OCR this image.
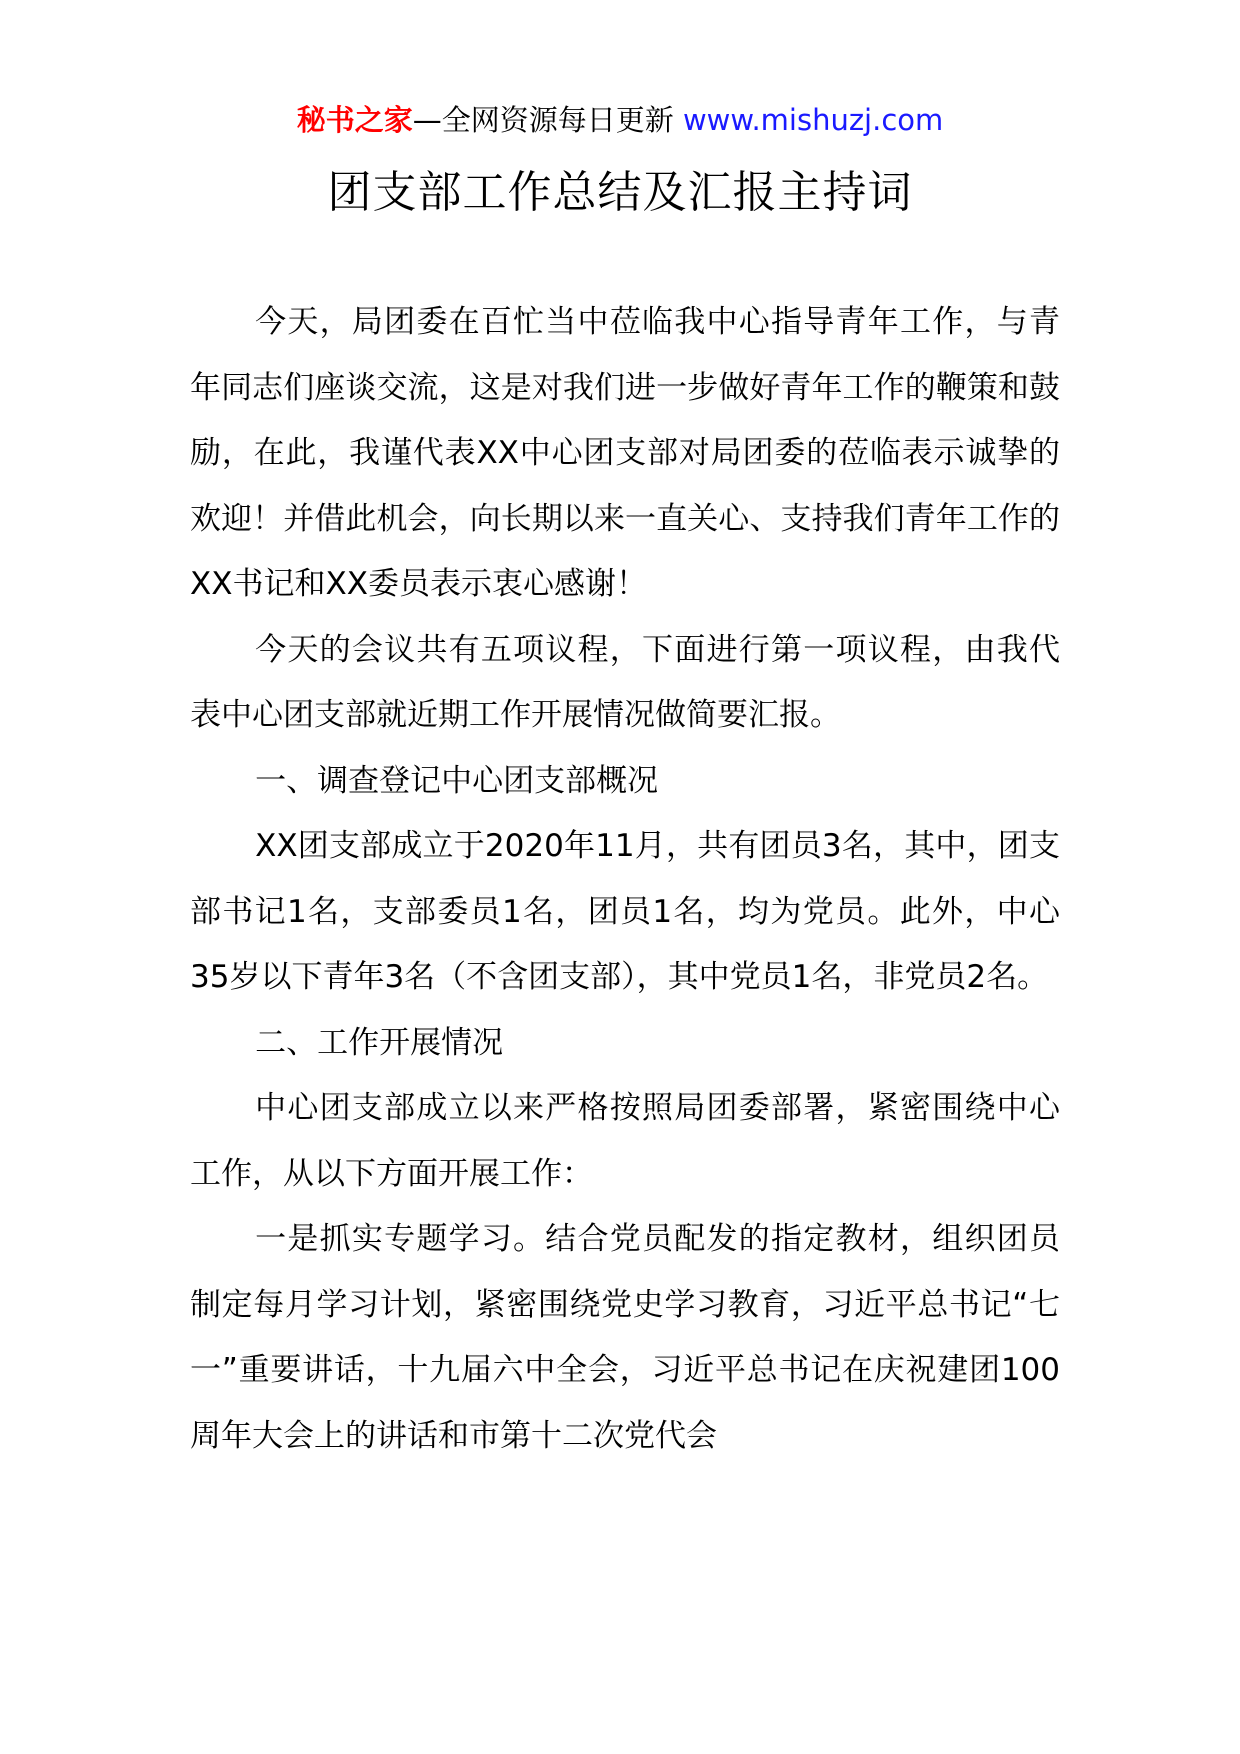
秘书之家—全网资源每日更新 www.mishuzj.com
团支部工作总结及汇报主持词

今天，局团委在百忙当中莅临我中心指导青年工作，与青年同志们座谈交流，这是对我们进一步做好青年工作的鞭策和鼓励，在此，我谨代表XX中心团支部对局团委的莅临表示诚挚的欢迎！并借此机会，向长期以来一直关心、支持我们青年工作的XX书记和XX委员表示衷心感谢！

今天的会议共有五项议程，下面进行第一项议程，由我代表中心团支部就近期工作开展情况做简要汇报。

一、调查登记中心团支部概况

XX团支部成立于2020年11月，共有团员3名，其中，团支部书记1名，支部委员1名，团员1名，均为党员。此外，中心35岁以下青年3名（不含团支部），其中党员1名，非党员2名。

二、工作开展情况

中心团支部成立以来严格按照局团委部署，紧密围绕中心工作，从以下方面开展工作：

一是抓实专题学习。结合党员配发的指定教材，组织团员制定每月学习计划，紧密围绕党史学习教育，习近平总书记“七一”重要讲话，十九届六中全会，习近平总书记在庆祝建团100周年大会上的讲话和市第十二次党代会
